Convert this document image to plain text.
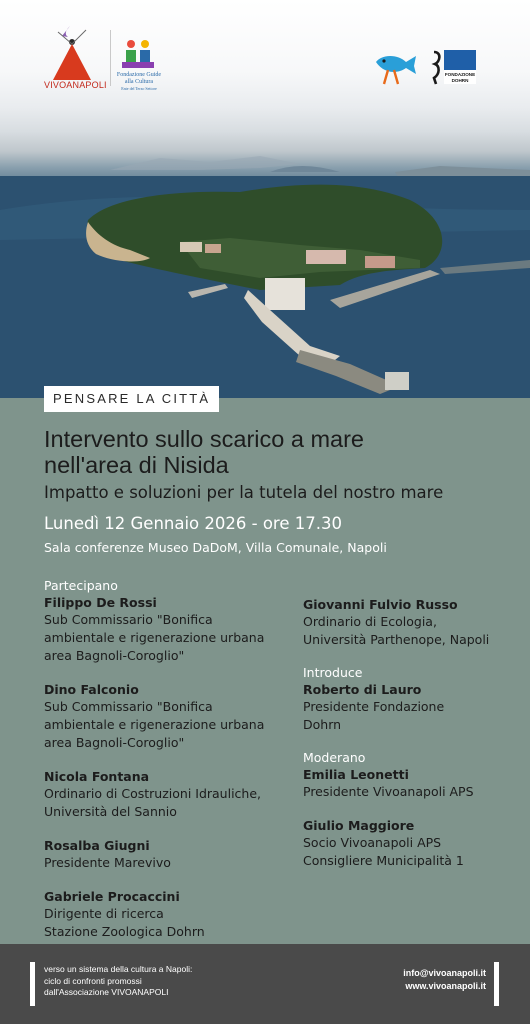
VIVOANAPOLI
Fondazione Guide alla Cultura
Ente del Terzo Settore
FONDAZIONE
DOHRN
PENSARE LA CITTÀ
Intervento sullo scarico a mare
nell'area di Nisida
Impatto e soluzioni per la tutela del nostro mare
Lunedì 12 Gennaio 2026 - ore 17.30
Sala conferenze Museo DaDoM, Villa Comunale, Napoli
Partecipano
Filippo De Rossi
Sub Commissario "Bonifica
ambientale e rigenerazione urbana
area Bagnoli-Coroglio"
Dino Falconio
Sub Commissario "Bonifica
ambientale e rigenerazione urbana
area Bagnoli-Coroglio"
Nicola Fontana
Ordinario di Costruzioni Idrauliche,
Università del Sannio
Rosalba Giugni
Presidente Marevivo
Gabriele Procaccini
Dirigente di ricerca
Stazione Zoologica Dohrn
Giovanni Fulvio Russo
Ordinario di Ecologia,
Università Parthenope, Napoli
Introduce
Roberto di Lauro
Presidente Fondazione
Dohrn
Moderano
Emilia Leonetti
Presidente Vivoanapoli APS
Giulio Maggiore
Socio Vivoanapoli APS
Consigliere Municipalità 1
verso un sistema della cultura a Napoli:
ciclo di confronti promossi
dall'Associazione VIVOANAPOLI
info@vivoanapoli.it
www.vivoanapoli.it
